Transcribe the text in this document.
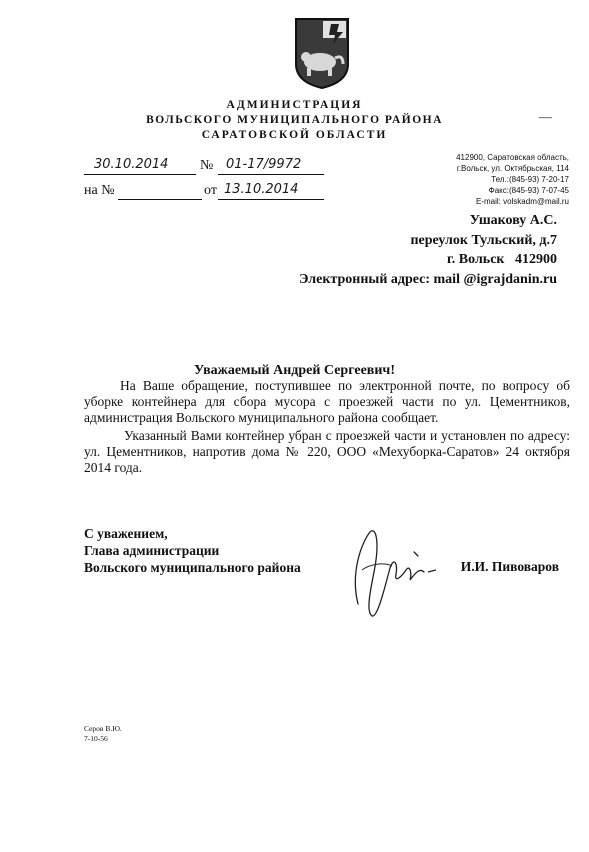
АДМИНИСТРАЦИЯ
ВОЛЬСКОГО МУНИЦИПАЛЬНОГО РАЙОНА
САРАТОВСКОЙ ОБЛАСТИ
—
30.10.2014 № 01-17/9972
на №	от 13.10.2014
412900, Саратовская область,
г.Вольск, ул. Октябрьская, 114
Тел.:(845-93) 7-20-17
Факс:(845-93) 7-07-45
E-mail: volskadm@mail.ru
Ушакову А.С.
переулок Тульский, д.7
г. Вольск   412900
Электронный адрес: mail @igrajdanin.ru
Уважаемый Андрей Сергеевич!
На Ваше обращение, поступившее по электронной почте, по вопросу об уборке контейнера для сбора мусора с проезжей части по ул. Цементников, администрация Вольского муниципального района сообщает.
Указанный Вами контейнер убран с проезжей части и установлен по адресу: ул. Цементников, напротив дома № 220, ООО «Мехуборка-Саратов» 24 октября 2014 года.
С уважением,
Глава администрации
Вольского муниципального района	И.И. Пивоваров
Серов В.Ю.
7-10-56
